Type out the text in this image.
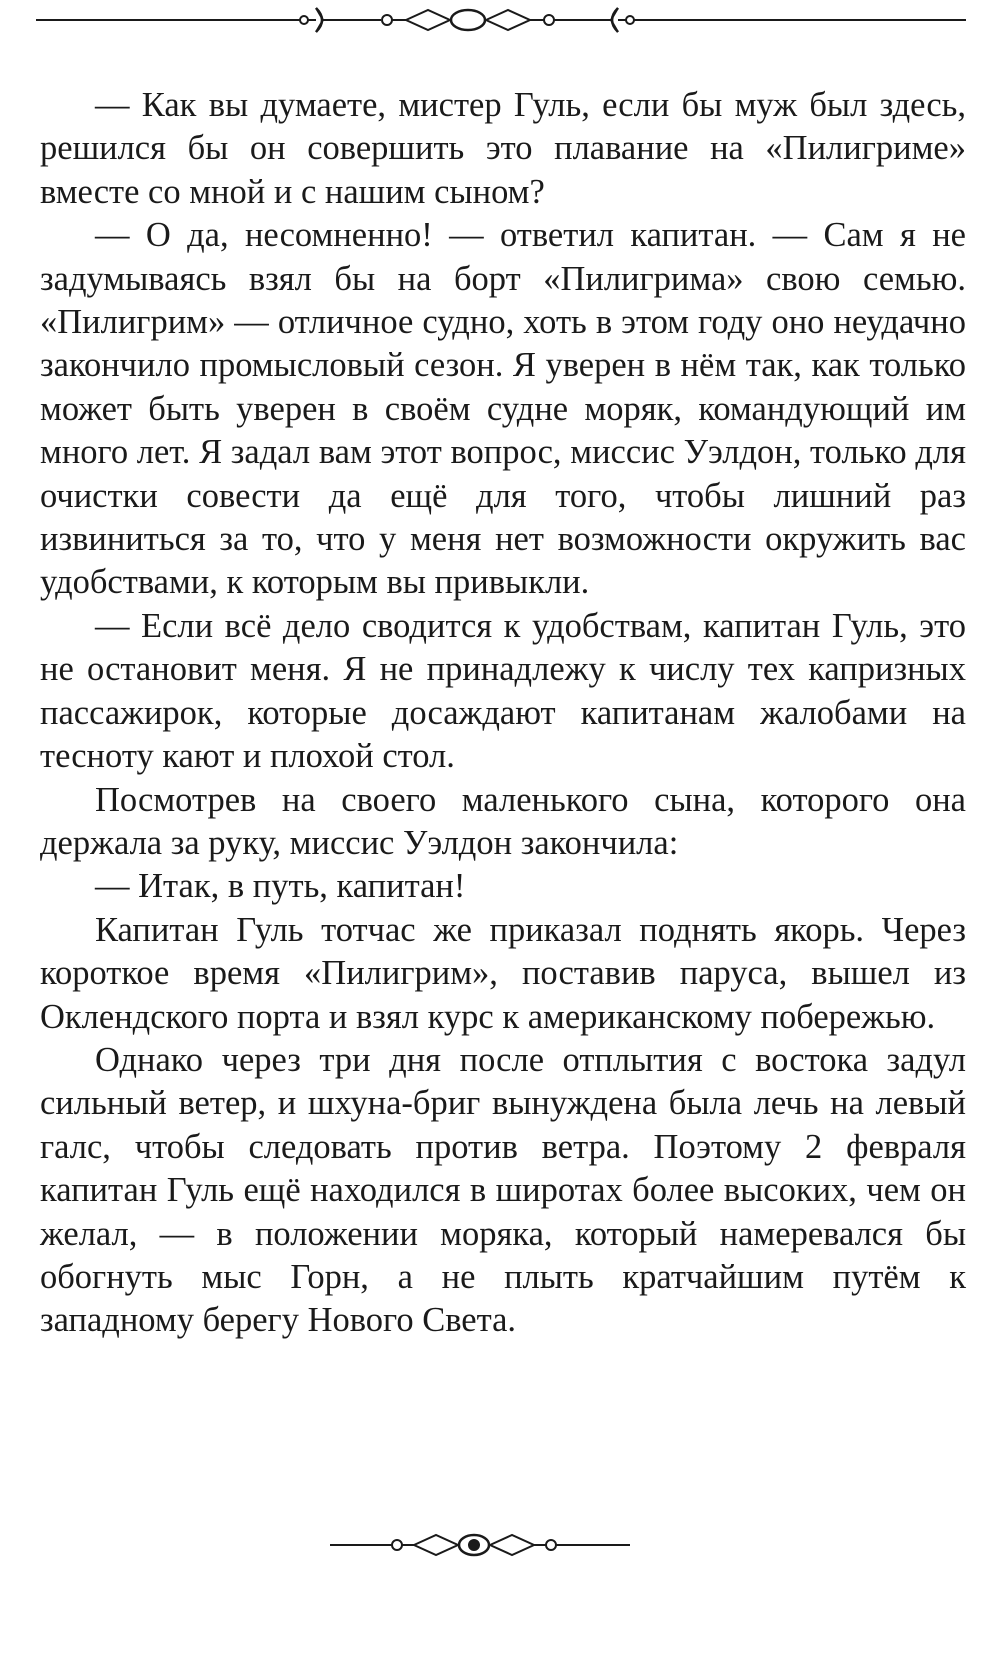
— Как вы думаете, мистер Гуль, если бы муж был здесь, решился бы он совершить это плавание на «Пилигриме» вместе со мной и с нашим сыном?

— О да, несомненно! — ответил капитан. — Сам я не задумываясь взял бы на борт «Пилигрима» свою семью. «Пилигрим» — отличное судно, хоть в этом году оно неудачно закончило промысловый сезон. Я уверен в нём так, как только может быть уверен в своём судне моряк, командующий им много лет. Я задал вам этот вопрос, миссис Уэлдон, только для очистки совести да ещё для того, чтобы лишний раз извиниться за то, что у меня нет возможности окружить вас удобствами, к которым вы привыкли.

— Если всё дело сводится к удобствам, капитан Гуль, это не остановит меня. Я не принадлежу к числу тех капризных пассажирок, которые досаждают капитанам жалобами на тесноту кают и плохой стол.

Посмотрев на своего маленького сына, которого она держала за руку, миссис Уэлдон закончила:

— Итак, в путь, капитан!

Капитан Гуль тотчас же приказал поднять якорь. Через короткое время «Пилигрим», поставив паруса, вышел из Оклендского порта и взял курс к американскому побережью.

Однако через три дня после отплытия с востока задул сильный ветер, и шхуна-бриг вынуждена была лечь на левый галс, чтобы следовать против ветра. Поэтому 2 февраля капитан Гуль ещё находился в широтах более высоких, чем он желал, — в положении моряка, который намеревался бы обогнуть мыс Горн, а не плыть кратчайшим путём к западному берегу Нового Света.
